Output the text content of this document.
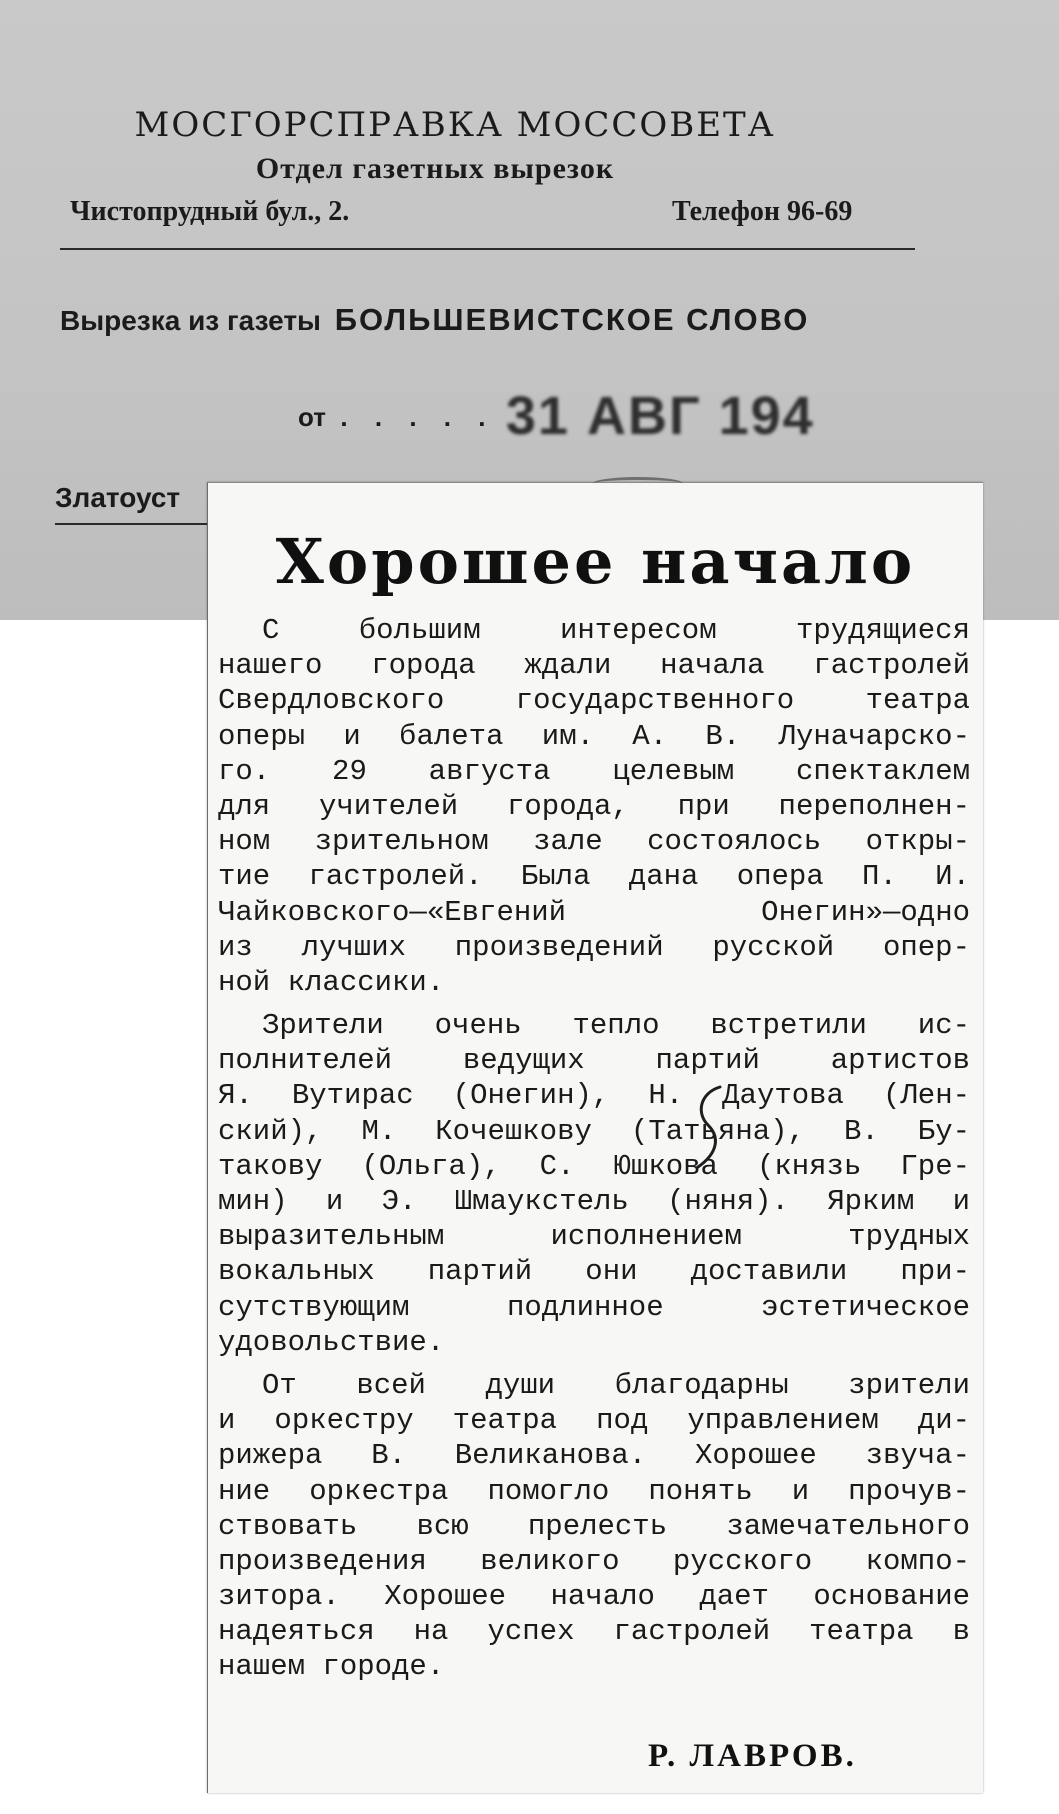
МОСГОРСПРАВКА МОССОВЕТА
Отдел газетных вырезок
Чистопрудный бул., 2.	Телефон 96-69
Вырезка из газеты БОЛЬШЕВИСТСКОЕ СЛОВО
от . . . . . 31 АВГ 194
Златоуст
Хорошее начало
С большим интересом трудящиеся
нашего города ждали начала гастролей
Свердловского государственного театра
оперы и балета им. А. В. Луначарско-
го. 29 августа целевым спектаклем
для учителей города, при переполнен-
ном зрительном зале состоялось откры-
тие гастролей. Была дана опера П. И.
Чайковского—«Евгений Онегин»—одно
из лучших произведений русской опер-
ной классики.
Зрители очень тепло встретили ис-
полнителей ведущих партий артистов
Я. Вутирас (Онегин), Н. Даутова (Лен-
ский), М. Кочешкову (Татьяна), В. Бу-
такову (Ольга), С. Юшкова (князь Гре-
мин) и Э. Шмаукстель (няня). Ярким и
выразительным исполнением трудных
вокальных партий они доставили при-
сутствующим подлинное эстетическое
удовольствие.
От всей души благодарны зрители
и оркестру театра под управлением ди-
рижера В. Великанова. Хорошее звуча-
ние оркестра помогло понять и прочув-
ствовать всю прелесть замечательного
произведения великого русского компо-
зитора. Хорошее начало дает основание
надеяться на успех гастролей театра в
нашем городе.
Р. ЛАВРОВ.
